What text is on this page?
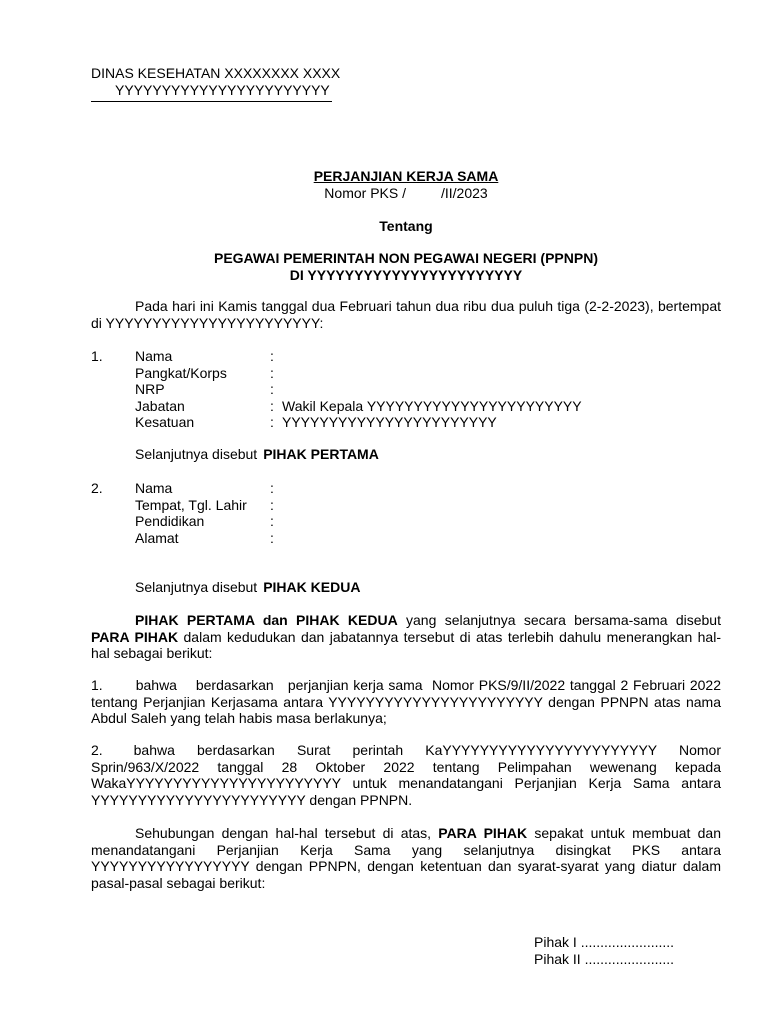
DINAS KESEHATAN XXXXXXXX XXXX
YYYYYYYYYYYYYYYYYYYYYYY
PERJANJIAN KERJA SAMA
Nomor PKS /         /II/2023
Tentang
PEGAWAI PEMERINTAH NON PEGAWAI NEGERI (PPNPN)
DI YYYYYYYYYYYYYYYYYYYYYYY
Pada hari ini Kamis tanggal dua Februari tahun dua ribu dua puluh tiga (2-2-2023), bertempat di YYYYYYYYYYYYYYYYYYYYYYY:
1. Nama	:
Pangkat/Korps	:
NRP	:
Jabatan	: Wakil Kepala YYYYYYYYYYYYYYYYYYYYYYY
Kesatuan	: YYYYYYYYYYYYYYYYYYYYYYY
Selanjutnya disebut PIHAK PERTAMA
2. Nama	:
Tempat, Tgl. Lahir :
Pendidikan	:
Alamat	:
Selanjutnya disebut PIHAK KEDUA
PIHAK PERTAMA dan PIHAK KEDUA yang selanjutnya secara bersama-sama disebut PARA PIHAK dalam kedudukan dan jabatannya tersebut di atas terlebih dahulu menerangkan hal-hal sebagai berikut:
1.       bahwa    berdasarkan   perjanjian kerja sama  Nomor PKS/9/II/2022 tanggal 2 Februari 2022 tentang Perjanjian Kerjasama antara YYYYYYYYYYYYYYYYYYYYYYY dengan PPNPN atas nama Abdul Saleh yang telah habis masa berlakunya;
2.       bahwa     berdasarkan     Surat     perintah     KaYYYYYYYYYYYYYYYYYYYYYYY     Nomor Sprin/963/X/2022 tanggal 28 Oktober 2022 tentang Pelimpahan wewenang kepada WakaYYYYYYYYYYYYYYYYYYYYYYY untuk menandatangani Perjanjian Kerja Sama antara YYYYYYYYYYYYYYYYYYYYYYY dengan PPNPN.
Sehubungan dengan hal-hal tersebut di atas, PARA PIHAK sepakat untuk membuat dan menandatangani Perjanjian Kerja Sama yang selanjutnya disingkat PKS antara YYYYYYYYYYYYYYYYY dengan PPNPN, dengan ketentuan dan syarat-syarat yang diatur dalam pasal-pasal sebagai berikut:
Pihak I ........................
Pihak II .......................
